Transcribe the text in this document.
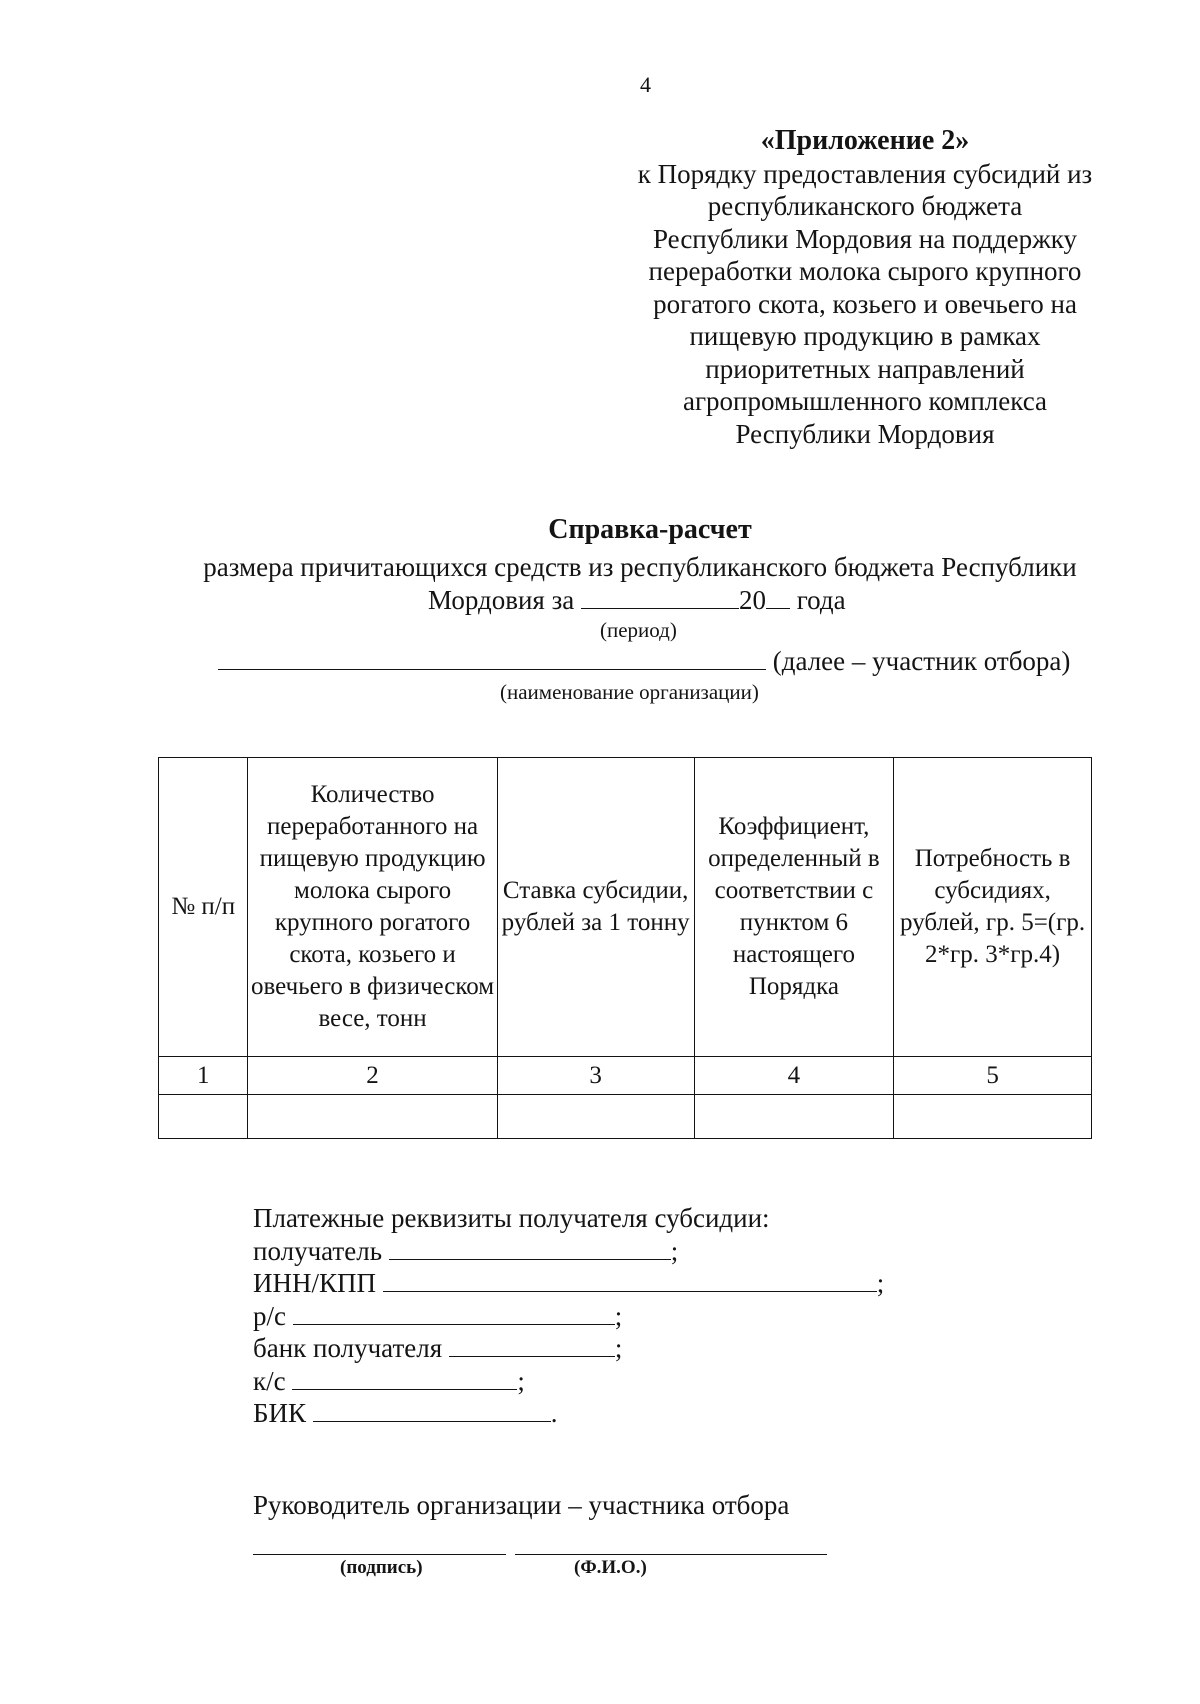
4
«Приложение 2»
к Порядку предоставления субсидий из
республиканского бюджета
Республики Мордовия на поддержку
переработки молока сырого крупного
рогатого скота, козьего и овечьего на
пищевую продукцию в рамках
приоритетных направлений
агропромышленного комплекса
Республики Мордовия
Справка-расчет
размера причитающихся средств из республиканского бюджета Республики
Мордовия за	20 года
(период)
(далее – участник отбора)
(наименование организации)
№ п/п	Количество переработанного на пищевую продукцию молока сырого крупного рогатого скота, козьего и овечьего в физическом весе, тонн	Ставка субсидии, рублей за 1 тонну	Коэффициент, определенный в соответствии с пунктом 6 настоящего Порядка	Потребность в субсидиях, рублей, гр. 5=(гр. 2*гр. 3*гр.4)
1	2	3	4	5

Платежные реквизиты получателя субсидии:
получатель	;
ИНН/КПП	;
р/с	;
банк получателя	;
к/с	;
БИК	.
Руководитель организации – участника отбора
(подпись)	(Ф.И.О.)
